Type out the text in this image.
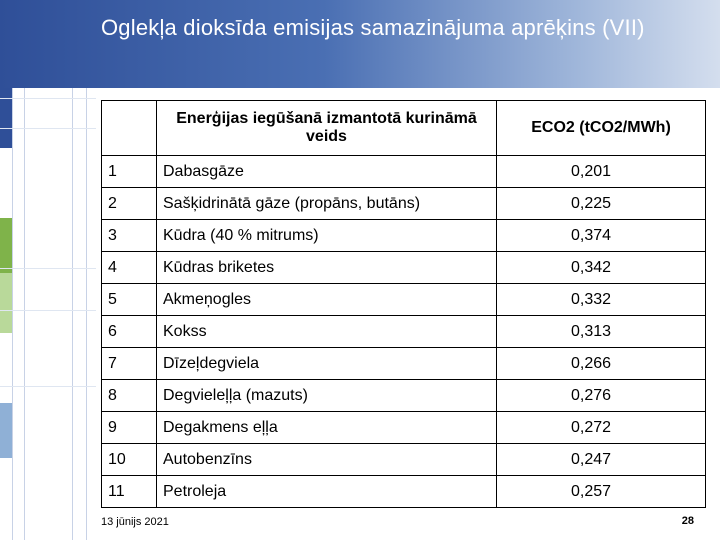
Oglekļa dioksīda emisijas samazinājuma aprēķins (VII)
	Enerģijas iegūšanā izmantotā kurināmā veids	ECO2 (tCO2/MWh)
1	Dabasgāze	0,201
2	Sašķidrinātā gāze (propāns, butāns)	0,225
3	Kūdra (40 % mitrums)	0,374
4	Kūdras briketes	0,342
5	Akmeņogles	0,332
6	Kokss	0,313
7	Dīzeļdegviela	0,266
8	Degvieleļļa (mazuts)	0,276
9	Degakmens eļļa	0,272
10	Autobenzīns	0,247
11	Petroleja	0,257
13 jūnijs 2021	28
